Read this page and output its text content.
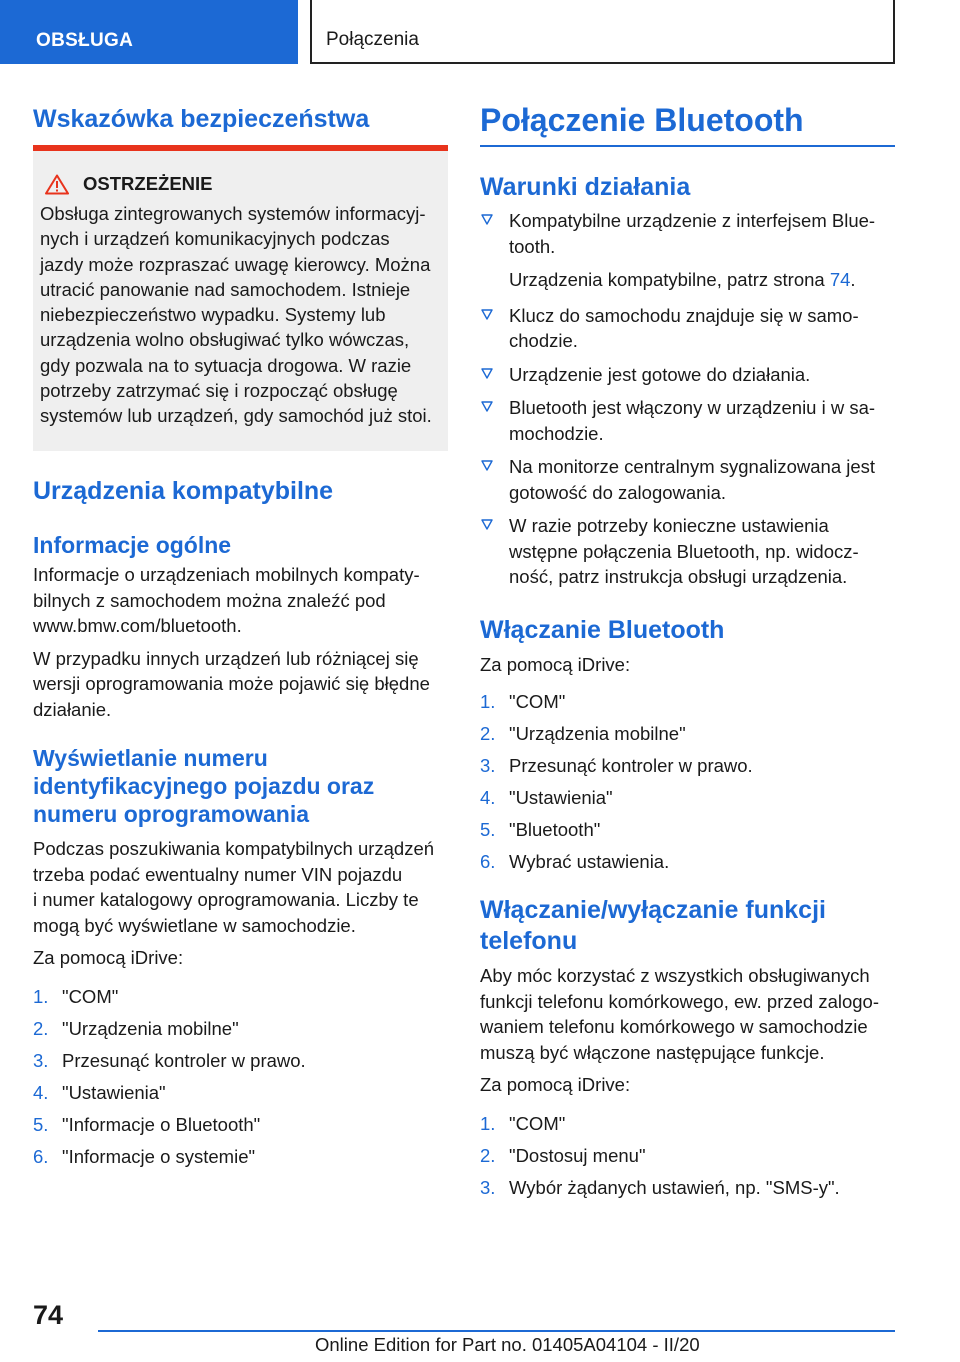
OBSŁUGA	Połączenia
Wskazówka bezpieczeństwa
OSTRZEŻENIE
Obsługa zintegrowanych systemów informacyj-
nych i urządzeń komunikacyjnych podczas
jazdy może rozpraszać uwagę kierowcy. Można
utracić panowanie nad samochodem. Istnieje
niebezpieczeństwo wypadku. Systemy lub
urządzenia wolno obsługiwać tylko wówczas,
gdy pozwala na to sytuacja drogowa. W razie
potrzeby zatrzymać się i rozpocząć obsługę
systemów lub urządzeń, gdy samochód już stoi.
Urządzenia kompatybilne
Informacje ogólne

Informacje o urządzeniach mobilnych kompaty-

bilnych z samochodem można znaleźć pod

www.bmw.com/bluetooth.

W przypadku innych urządzeń lub różniącej się

wersji oprogramowania może pojawić się błędne

działanie.

Wyświetlanie numeru
identyfikacyjnego pojazdu oraz
numeru oprogramowania

Podczas poszukiwania kompatybilnych urządzeń

trzeba podać ewentualny numer VIN pojazdu

i numer katalogowy oprogramowania. Liczby te

mogą być wyświetlane w samochodzie.

Za pomocą iDrive:

1. "COM"
2. "Urządzenia mobilne"
3. Przesunąć kontroler w prawo.
4. "Ustawienia"
5. "Informacje o Bluetooth"
6. "Informacje o systemie"
Połączenie Bluetooth
Warunki działania
Kompatybilne urządzenie z interfejsem Blue-
tooth.
Urządzenia kompatybilne, patrz strona 74.
Klucz do samochodu znajduje się w samo-
chodzie.
Urządzenie jest gotowe do działania.
Bluetooth jest włączony w urządzeniu i w sa-
mochodzie.
Na monitorze centralnym sygnalizowana jest
gotowość do zalogowania.
W razie potrzeby konieczne ustawienia
wstępne połączenia Bluetooth, np. widocz-
ność, patrz instrukcja obsługi urządzenia.
Włączanie Bluetooth

Za pomocą iDrive:

1. "COM"
2. "Urządzenia mobilne"
3. Przesunąć kontroler w prawo.
4. "Ustawienia"
5. "Bluetooth"
6. Wybrać ustawienia.
Włączanie/wyłączanie funkcji
telefonu

Aby móc korzystać z wszystkich obsługiwanych

funkcji telefonu komórkowego, ew. przed zalogo-

waniem telefonu komórkowego w samochodzie

muszą być włączone następujące funkcje.

Za pomocą iDrive:

1. "COM"
2. "Dostosuj menu"
3. Wybór żądanych ustawień, np. "SMS-y".
74
Online Edition for Part no. 01405A04104 - II/20
